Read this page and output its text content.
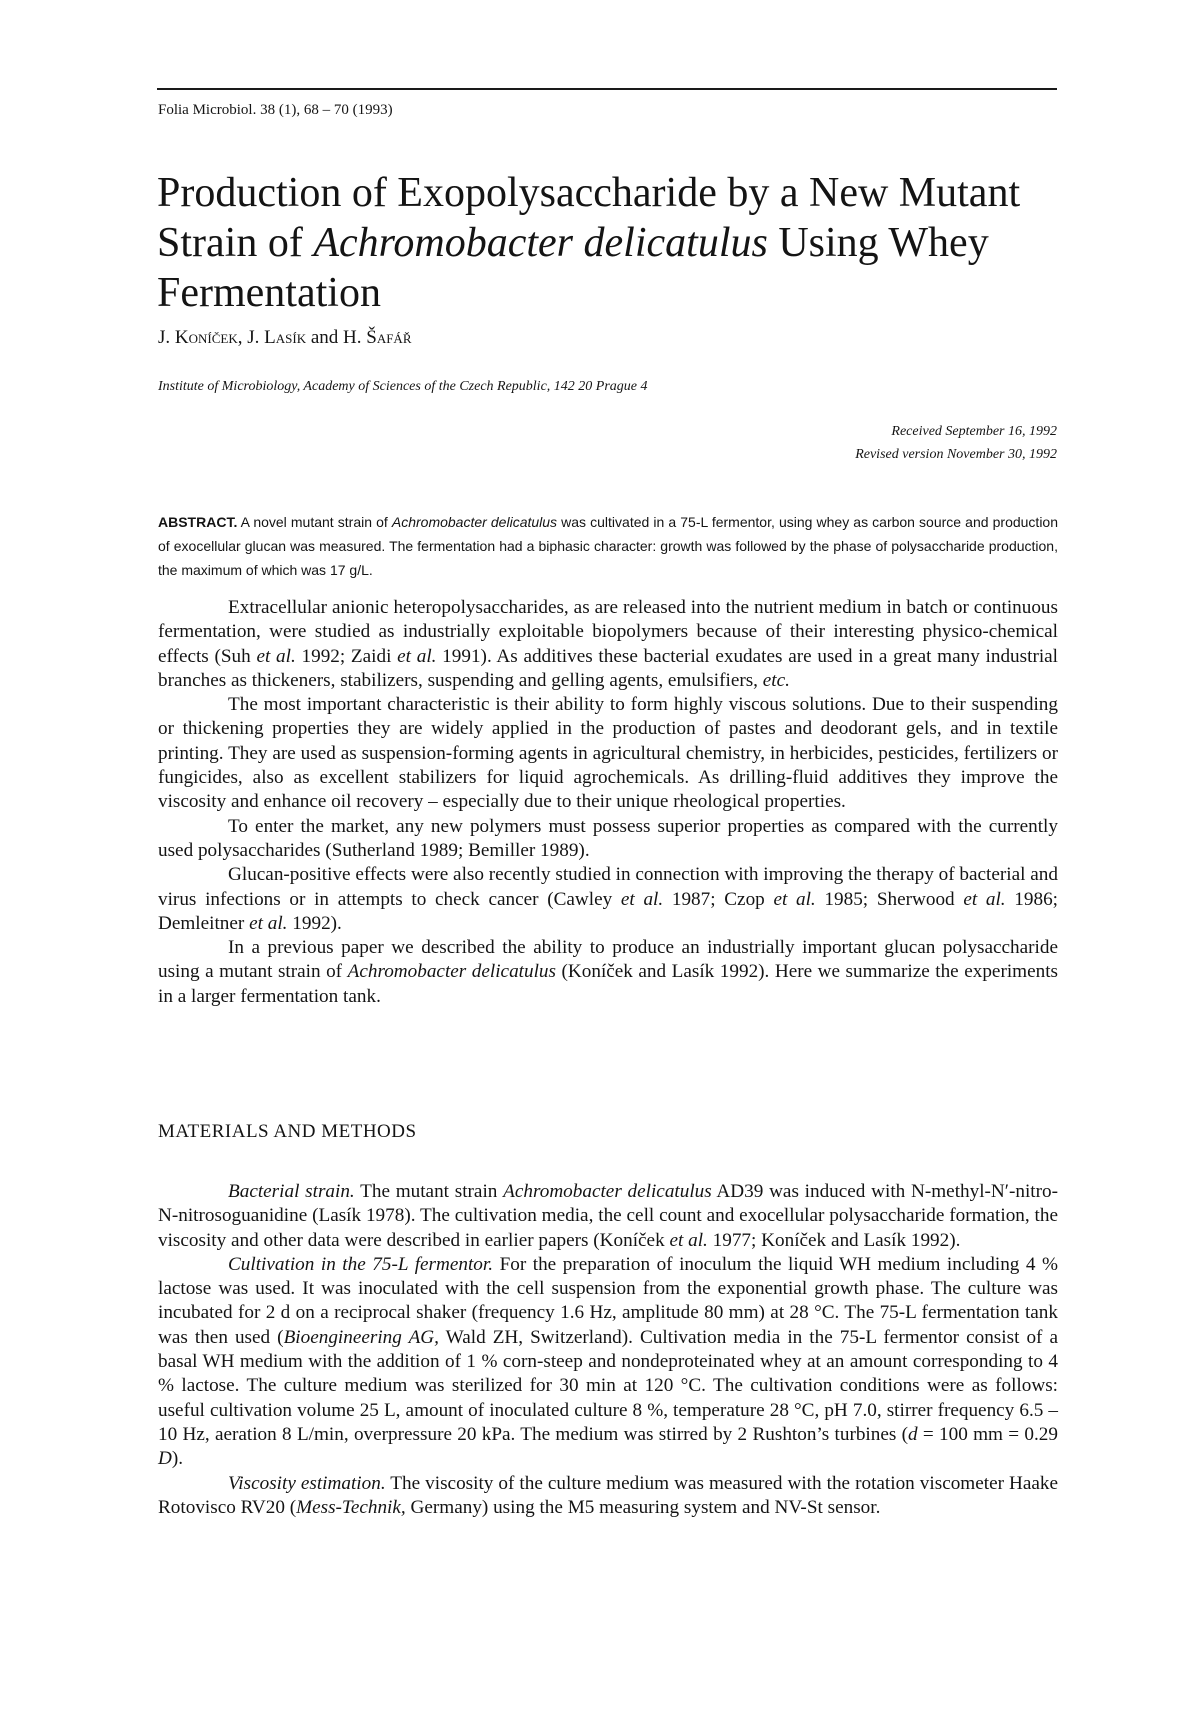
Folia Microbiol. 38 (1), 68 – 70 (1993)
Production of Exopolysaccharide by a New Mutant
Strain of Achromobacter delicatulus Using Whey
Fermentation
J. Koníček, J. Lasík and H. Šafář
Institute of Microbiology, Academy of Sciences of the Czech Republic, 142 20 Prague 4
Received September 16, 1992
Revised version November 30, 1992
ABSTRACT. A novel mutant strain of Achromobacter delicatulus was cultivated in a 75-L fermentor, using whey as carbon source and production of exocellular glucan was measured. The fermentation had a biphasic character: growth was followed by the phase of polysaccharide production, the maximum of which was 17 g/L.

Extracellular anionic heteropolysaccharides, as are released into the nutrient medium in batch or continuous fermentation, were studied as industrially exploitable biopolymers because of their interesting physico-chemical effects (Suh et al. 1992; Zaidi et al. 1991). As additives these bacterial exudates are used in a great many industrial branches as thickeners, stabilizers, suspending and gelling agents, emulsifiers, etc.

The most important characteristic is their ability to form highly viscous solutions. Due to their suspending or thickening properties they are widely applied in the production of pastes and deodorant gels, and in textile printing. They are used as suspension-forming agents in agricultural chemistry, in herbicides, pesticides, fertilizers or fungicides, also as excellent stabilizers for liquid agrochemicals. As drilling-fluid additives they improve the viscosity and enhance oil recovery – especially due to their unique rheological properties.

To enter the market, any new polymers must possess superior properties as compared with the currently used polysaccharides (Sutherland 1989; Bemiller 1989).

Glucan-positive effects were also recently studied in connection with improving the therapy of bacterial and virus infections or in attempts to check cancer (Cawley et al. 1987; Czop et al. 1985; Sherwood et al. 1986; Demleitner et al. 1992).

In a previous paper we described the ability to produce an industrially important glucan polysaccharide using a mutant strain of Achromobacter delicatulus (Koníček and Lasík 1992). Here we summarize the experiments in a larger fermentation tank.

MATERIALS AND METHODS

Bacterial strain. The mutant strain Achromobacter delicatulus AD39 was induced with N-methyl-N′-nitro-N-nitrosoguanidine (Lasík 1978). The cultivation media, the cell count and exocellular polysaccharide formation, the viscosity and other data were described in earlier papers (Koníček et al. 1977; Koníček and Lasík 1992).

Cultivation in the 75-L fermentor. For the preparation of inoculum the liquid WH medium including 4 % lactose was used. It was inoculated with the cell suspension from the exponential growth phase. The culture was incubated for 2 d on a reciprocal shaker (frequency 1.6 Hz, amplitude 80 mm) at 28 °C. The 75-L fermentation tank was then used (Bioengineering AG, Wald ZH, Switzerland). Cultivation media in the 75-L fermentor consist of a basal WH medium with the addition of 1 % corn-steep and nondeproteinated whey at an amount corresponding to 4 % lactose. The culture medium was sterilized for 30 min at 120 °C. The cultivation conditions were as follows: useful cultivation volume 25 L, amount of inoculated culture 8 %, temperature 28 °C, pH 7.0, stirrer frequency 6.5 – 10 Hz, aeration 8 L/min, overpressure 20 kPa. The medium was stirred by 2 Rushton’s turbines (d = 100 mm = 0.29 D).

Viscosity estimation. The viscosity of the culture medium was measured with the rotation viscometer Haake Rotovisco RV20 (Mess-Technik, Germany) using the M5 measuring system and NV-St sensor.
